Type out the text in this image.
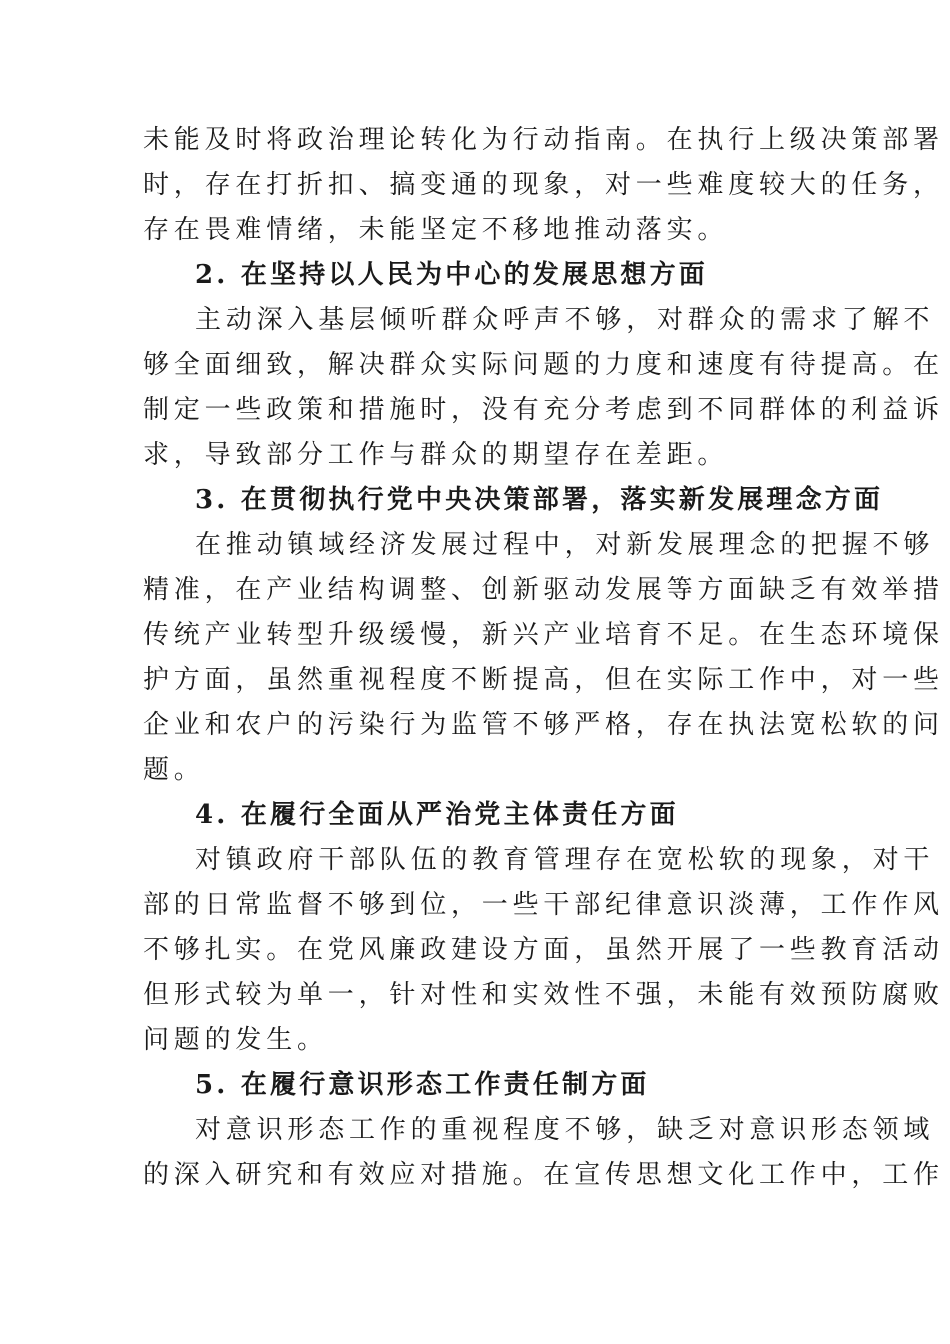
未能及时将政治理论转化为行动指南。在执行上级决策部署
时，存在打折扣、搞变通的现象，对一些难度较大的任务，
存在畏难情绪，未能坚定不移地推动落实。
2. 在坚持以人民为中心的发展思想方面
主动深入基层倾听群众呼声不够，对群众的需求了解不
够全面细致，解决群众实际问题的力度和速度有待提高。在
制定一些政策和措施时，没有充分考虑到不同群体的利益诉
求，导致部分工作与群众的期望存在差距。
3. 在贯彻执行党中央决策部署，落实新发展理念方面
在推动镇域经济发展过程中，对新发展理念的把握不够
精准，在产业结构调整、创新驱动发展等方面缺乏有效举措
传统产业转型升级缓慢，新兴产业培育不足。在生态环境保
护方面，虽然重视程度不断提高，但在实际工作中，对一些
企业和农户的污染行为监管不够严格，存在执法宽松软的问
题。
4. 在履行全面从严治党主体责任方面
对镇政府干部队伍的教育管理存在宽松软的现象，对干
部的日常监督不够到位，一些干部纪律意识淡薄，工作作风
不够扎实。在党风廉政建设方面，虽然开展了一些教育活动
但形式较为单一，针对性和实效性不强，未能有效预防腐败
问题的发生。
5. 在履行意识形态工作责任制方面
对意识形态工作的重视程度不够，缺乏对意识形态领域
的深入研究和有效应对措施。在宣传思想文化工作中，工作
